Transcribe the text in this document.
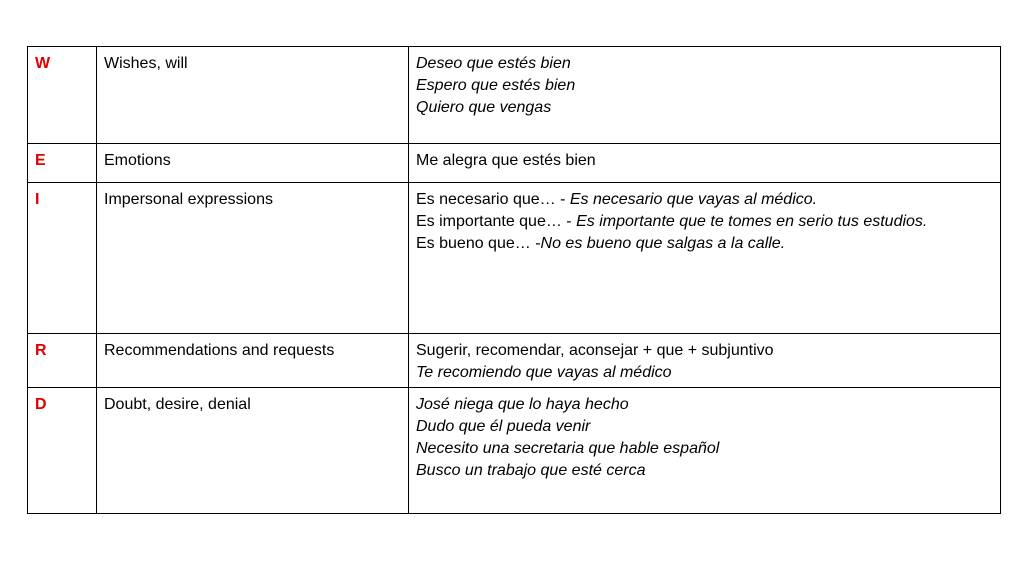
W	Wishes, will	Deseo que estés bien
Espero que estés bien
Quiero que vengas

E	Emotions	Me alegra que estés bien

I	Impersonal expressions	Es necesario que… - Es necesario que vayas al médico.
Es importante que… - Es importante que te tomes en serio tus estudios.
Es bueno que… -No es bueno que salgas a la calle.

R	Recommendations and requests	Sugerir, recomendar, aconsejar + que + subjuntivo
Te recomiendo que vayas al médico

D	Doubt, desire, denial	José niega que lo haya hecho
Dudo que él pueda venir
Necesito una secretaria que hable español
Busco un trabajo que esté cerca
